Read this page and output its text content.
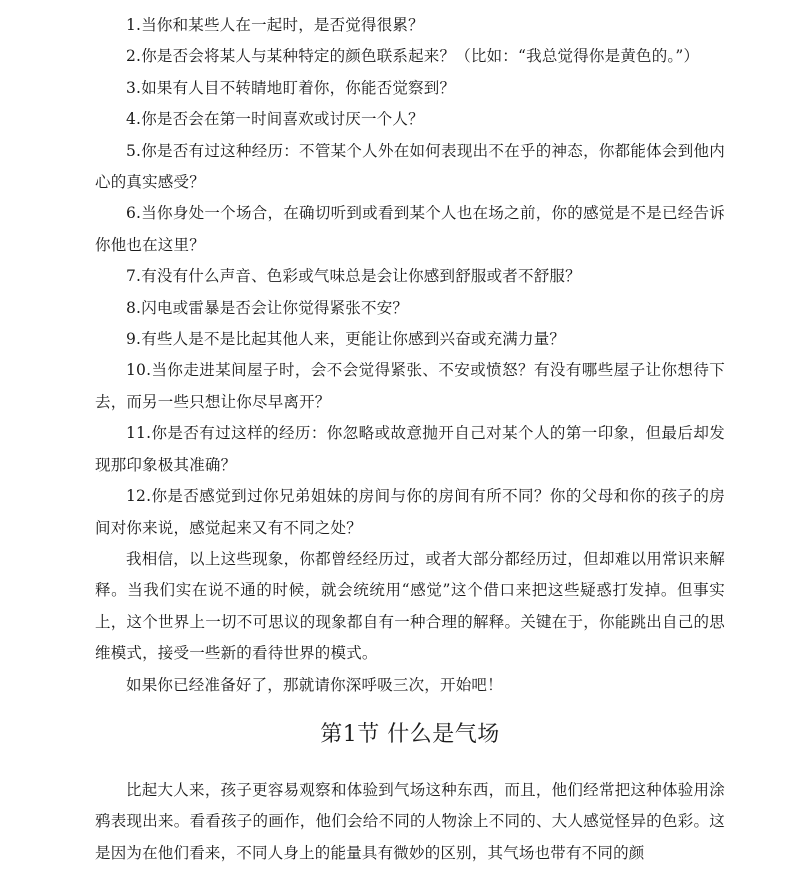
1.当你和某些人在一起时，是否觉得很累？

2.你是否会将某人与某种特定的颜色联系起来？（比如：“我总觉得你是黄色的。”）

3.如果有人目不转睛地盯着你，你能否觉察到？

4.你是否会在第一时间喜欢或讨厌一个人？

5.你是否有过这种经历：不管某个人外在如何表现出不在乎的神态，你都能体会到他内心的真实感受？

6.当你身处一个场合，在确切听到或看到某个人也在场之前，你的感觉是不是已经告诉你他也在这里？

7.有没有什么声音、色彩或气味总是会让你感到舒服或者不舒服？

8.闪电或雷暴是否会让你觉得紧张不安？

9.有些人是不是比起其他人来，更能让你感到兴奋或充满力量？

10.当你走进某间屋子时，会不会觉得紧张、不安或愤怒？有没有哪些屋子让你想待下去，而另一些只想让你尽早离开？

11.你是否有过这样的经历：你忽略或故意抛开自己对某个人的第一印象，但最后却发现那印象极其准确？

12.你是否感觉到过你兄弟姐妹的房间与你的房间有所不同？你的父母和你的孩子的房间对你来说，感觉起来又有不同之处？

我相信，以上这些现象，你都曾经经历过，或者大部分都经历过，但却难以用常识来解释。当我们实在说不通的时候，就会统统用“感觉”这个借口来把这些疑惑打发掉。但事实上，这个世界上一切不可思议的现象都自有一种合理的解释。关键在于，你能跳出自己的思维模式，接受一些新的看待世界的模式。

如果你已经准备好了，那就请你深呼吸三次，开始吧！

第1节 什么是气场

比起大人来，孩子更容易观察和体验到气场这种东西，而且，他们经常把这种体验用涂鸦表现出来。看看孩子的画作，他们会给不同的人物涂上不同的、大人感觉怪异的色彩。这是因为在他们看来，不同人身上的能量具有微妙的区别，其气场也带有不同的颜
